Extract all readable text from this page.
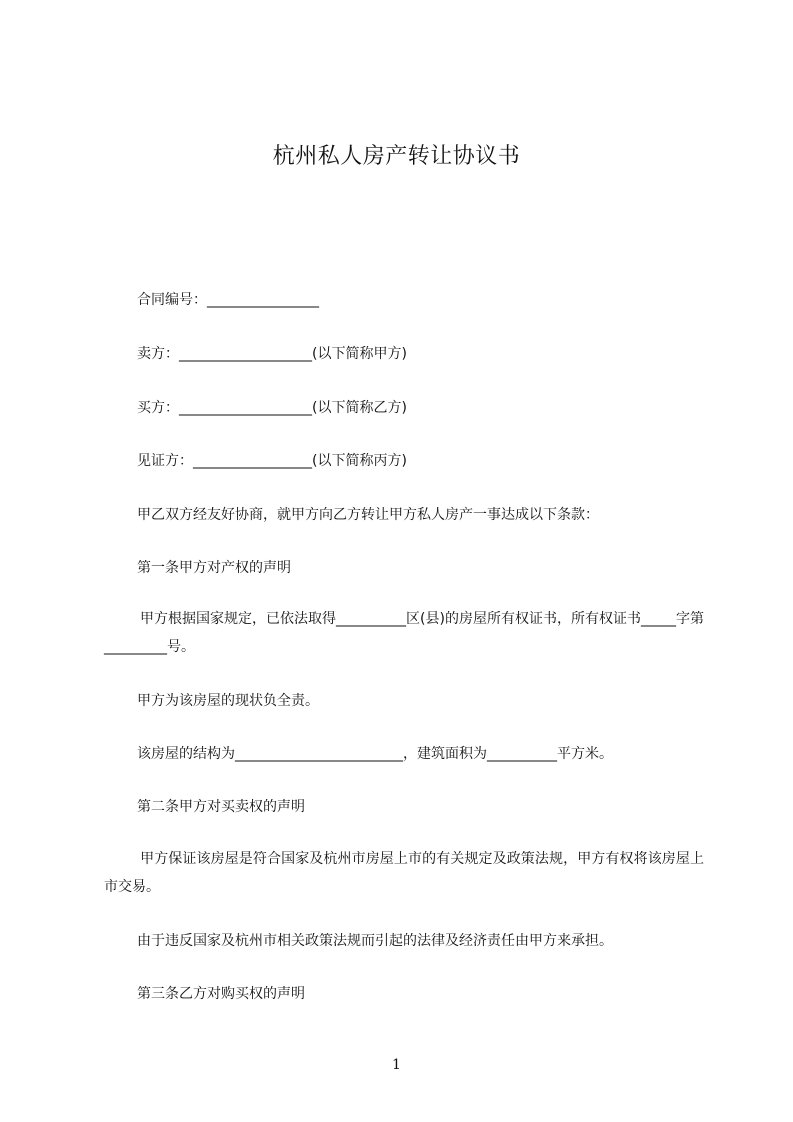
杭州私人房产转让协议书
合同编号：________________
卖方：___________________(以下简称甲方)
买方：___________________(以下简称乙方)
见证方：_________________(以下简称丙方)
甲乙双方经友好协商，就甲方向乙方转让甲方私人房产一事达成以下条款：
第一条甲方对产权的声明
甲方根据国家规定，已依法取得__________区(县)的房屋所有权证书，所有权证书_____字第_________号。
甲方为该房屋的现状负全责。
该房屋的结构为________________________，建筑面积为__________平方米。
第二条甲方对买卖权的声明
甲方保证该房屋是符合国家及杭州市房屋上市的有关规定及政策法规，甲方有权将该房屋上市交易。
由于违反国家及杭州市相关政策法规而引起的法律及经济责任由甲方来承担。
第三条乙方对购买权的声明
1
